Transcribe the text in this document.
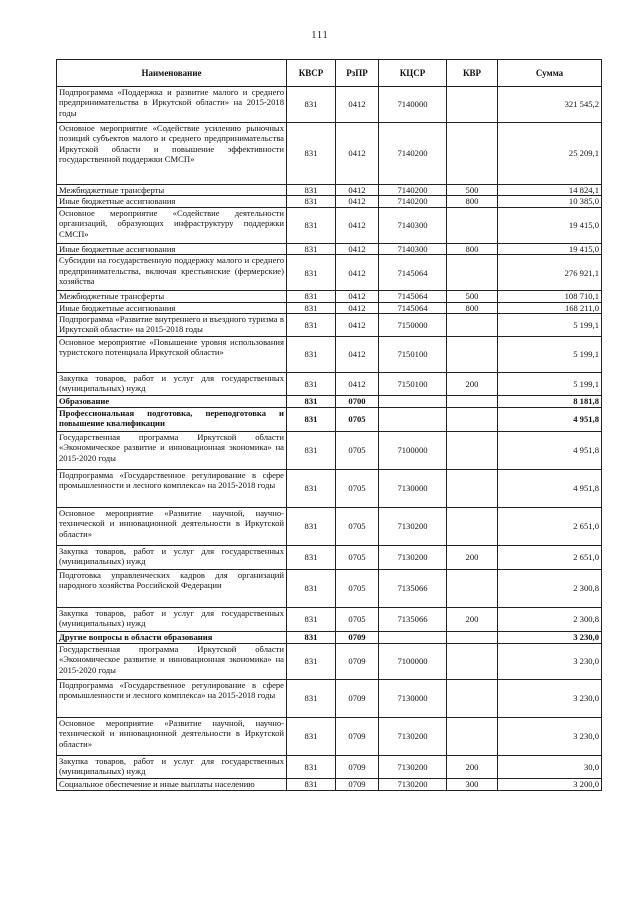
111
Наименование	КВСР	РзПР	КЦСР	КВР	Сумма
Подпрограмма «Поддержка и развитие малого и среднего предпринимательства в Иркутской области» на 2015-2018 годы	831	0412	7140000		321 545,2
Основное мероприятие «Содействие усилению рыночных позиций субъектов малого и среднего предпринимательства Иркутской области и повышение эффективности государственной поддержки СМСП»	831	0412	7140200		25 209,1
Межбюджетные трансферты	831	0412	7140200	500	14 824,1
Иные бюджетные ассигнования	831	0412	7140200	800	10 385,0
Основное мероприятие «Содействие деятельности организаций, образующих инфраструктуру поддержки СМСП»	831	0412	7140300		19 415,0
Иные бюджетные ассигнования	831	0412	7140300	800	19 415,0
Субсидии на государственную поддержку малого и среднего предпринимательства, включая крестьянские (фермерские) хозяйства	831	0412	7145064		276 921,1
Межбюджетные трансферты	831	0412	7145064	500	108 710,1
Иные бюджетные ассигнования	831	0412	7145064	800	168 211,0
Подпрограмма «Развитие внутреннего и въездного туризма в Иркутской области» на 2015-2018 годы	831	0412	7150000		5 199,1
Основное мероприятие «Повышение уровня использования туристского потенциала Иркутской области»	831	0412	7150100		5 199,1
Закупка товаров, работ и услуг для государственных (муниципальных) нужд	831	0412	7150100	200	5 199,1
Образование	831	0700			8 181,8
Профессиональная подготовка, переподготовка и повышение квалификации	831	0705			4 951,8
Государственная программа Иркутской области «Экономическое развитие и инновационная экономика» на 2015-2020 годы	831	0705	7100000		4 951,8
Подпрограмма «Государственное регулирование в сфере промышленности и лесного комплекса» на 2015-2018 годы	831	0705	7130000		4 951,8
Основное мероприятие «Развитие научной, научно-технической и инновационной деятельности в Иркутской области»	831	0705	7130200		2 651,0
Закупка товаров, работ и услуг для государственных (муниципальных) нужд	831	0705	7130200	200	2 651,0
Подготовка управленческих кадров для организаций народного хозяйства Российской Федерации	831	0705	7135066		2 300,8
Закупка товаров, работ и услуг для государственных (муниципальных) нужд	831	0705	7135066	200	2 300,8
Другие вопросы в области образования	831	0709			3 230,0
Государственная программа Иркутской области «Экономическое развитие и инновационная экономика» на 2015-2020 годы	831	0709	7100000		3 230,0
Подпрограмма «Государственное регулирование в сфере промышленности и лесного комплекса» на 2015-2018 годы	831	0709	7130000		3 230,0
Основное мероприятие «Развитие научной, научно-технической и инновационной деятельности в Иркутской области»	831	0709	7130200		3 230,0
Закупка товаров, работ и услуг для государственных (муниципальных) нужд	831	0709	7130200	200	30,0
Социальное обеспечение и иные выплаты населению	831	0709	7130200	300	3 200,0
